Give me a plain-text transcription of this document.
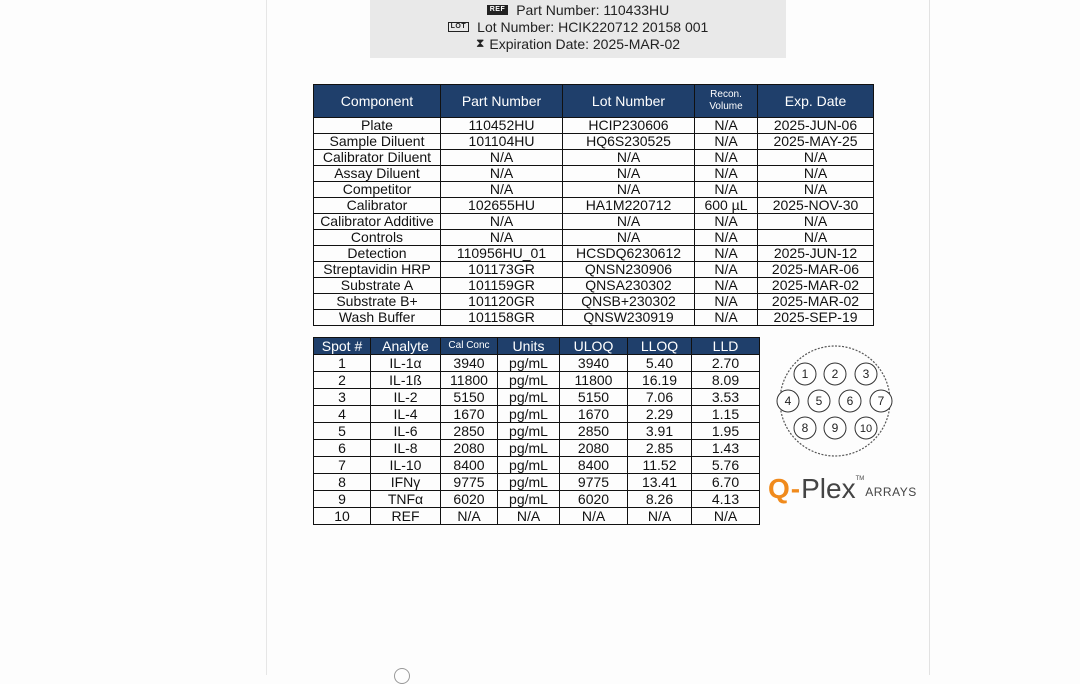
REF Part Number: 110433HU
LOT Lot Number: HCIK220712 20158 001
⧗ Expiration Date: 2025-MAR-02
Component	Part Number	Lot Number	Recon. Volume	Exp. Date
Plate	110452HU	HCIP230606	N/A	2025-JUN-06
Sample Diluent	101104HU	HQ6S230525	N/A	2025-MAY-25
Calibrator Diluent	N/A	N/A	N/A	N/A
Assay Diluent	N/A	N/A	N/A	N/A
Competitor	N/A	N/A	N/A	N/A
Calibrator	102655HU	HA1M220712	600 µL	2025-NOV-30
Calibrator Additive	N/A	N/A	N/A	N/A
Controls	N/A	N/A	N/A	N/A
Detection	110956HU_01	HCSDQ6230612	N/A	2025-JUN-12
Streptavidin HRP	101173GR	QNSN230906	N/A	2025-MAR-06
Substrate A	101159GR	QNSA230302	N/A	2025-MAR-02
Substrate B+	101120GR	QNSB+230302	N/A	2025-MAR-02
Wash Buffer	101158GR	QNSW230919	N/A	2025-SEP-19
Spot #	Analyte	Cal Conc	Units	ULOQ	LLOQ	LLD
1	IL-1α	3940	pg/mL	3940	5.40	2.70
2	IL-1ß	11800	pg/mL	11800	16.19	8.09
3	IL-2	5150	pg/mL	5150	7.06	3.53
4	IL-4	1670	pg/mL	1670	2.29	1.15
5	IL-6	2850	pg/mL	2850	3.91	1.95
6	IL-8	2080	pg/mL	2080	2.85	1.43
7	IL-10	8400	pg/mL	8400	11.52	5.76
8	IFNγ	9775	pg/mL	9775	13.41	6.70
9	TNFα	6020	pg/mL	6020	8.26	4.13
10	REF	N/A	N/A	N/A	N/A	N/A
1 2 3
4 5 6 7
8 9 10
Q - Plex TM
ARRAYS
